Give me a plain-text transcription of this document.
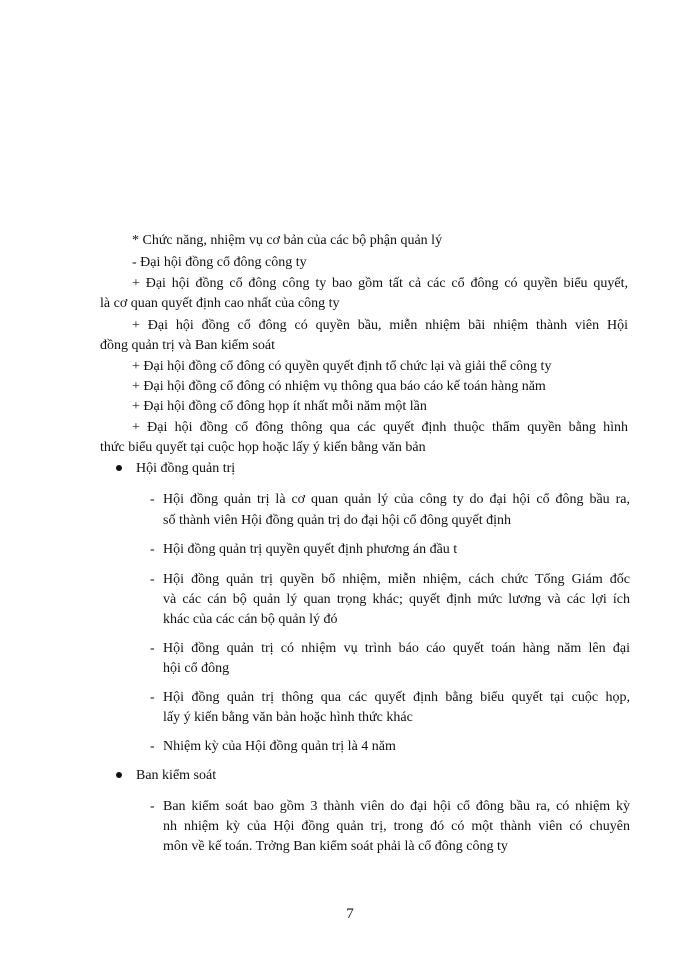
* Chức năng, nhiệm vụ cơ bản của các bộ phận quản lý
- Đại hội đồng cổ đông công ty
+ Đại hội đồng cổ đông công ty bao gồm tất cả các cổ đông có quyền biểu quyết,
là cơ quan quyết định cao nhất của công ty
+ Đại hội đồng cổ đông có quyền bầu, miễn nhiệm bãi nhiệm thành viên Hội
đồng quản trị và Ban kiểm soát
+ Đại hội đồng cổ đông có quyền quyết định tổ chức lại và giải thể công ty
+ Đại hội đồng cổ đông có nhiệm vụ thông qua báo cáo kế toán hàng năm
+ Đại hội đồng cổ đông họp ít nhất mỗi năm một lần
+ Đại hội đồng cổ đông thông qua các quyết định thuộc thẩm quyền bằng hình
thức biểu quyết tại cuộc họp hoặc lấy ý kiến bằng văn bản
Hội đồng quản trị
- Hội đồng quản trị là cơ quan quản lý của công ty do đại hội cổ đông bầu ra,
số thành viên Hội đồng quản trị do đại hội cổ đông quyết định
- Hội đồng quản trị quyền quyết định phương án đầu t
- Hội đồng quản trị quyền bổ nhiệm, miễn nhiệm, cách chức Tổng Giám đốc
và các cán bộ quản lý quan trọng khác; quyết định mức lương và các lợi ích
khác của các cán bộ quản lý đó
- Hội đồng quản trị có nhiệm vụ trình báo cáo quyết toán hàng năm lên đại
hội cổ đông
- Hội đồng quản trị thông qua các quyết định bằng biểu quyết tại cuộc họp,
lấy ý kiến bằng văn bản hoặc hình thức khác
- Nhiệm kỳ của Hội đồng quản trị là 4 năm
Ban kiểm soát
- Ban kiểm soát bao gồm 3 thành viên do đại hội cổ đông bầu ra, có nhiệm kỳ
nh nhiệm kỳ của Hội đồng quản trị, trong đó có một thành viên có chuyên
môn về kế toán. Trởng Ban kiểm soát phải là cổ đông công ty
7
